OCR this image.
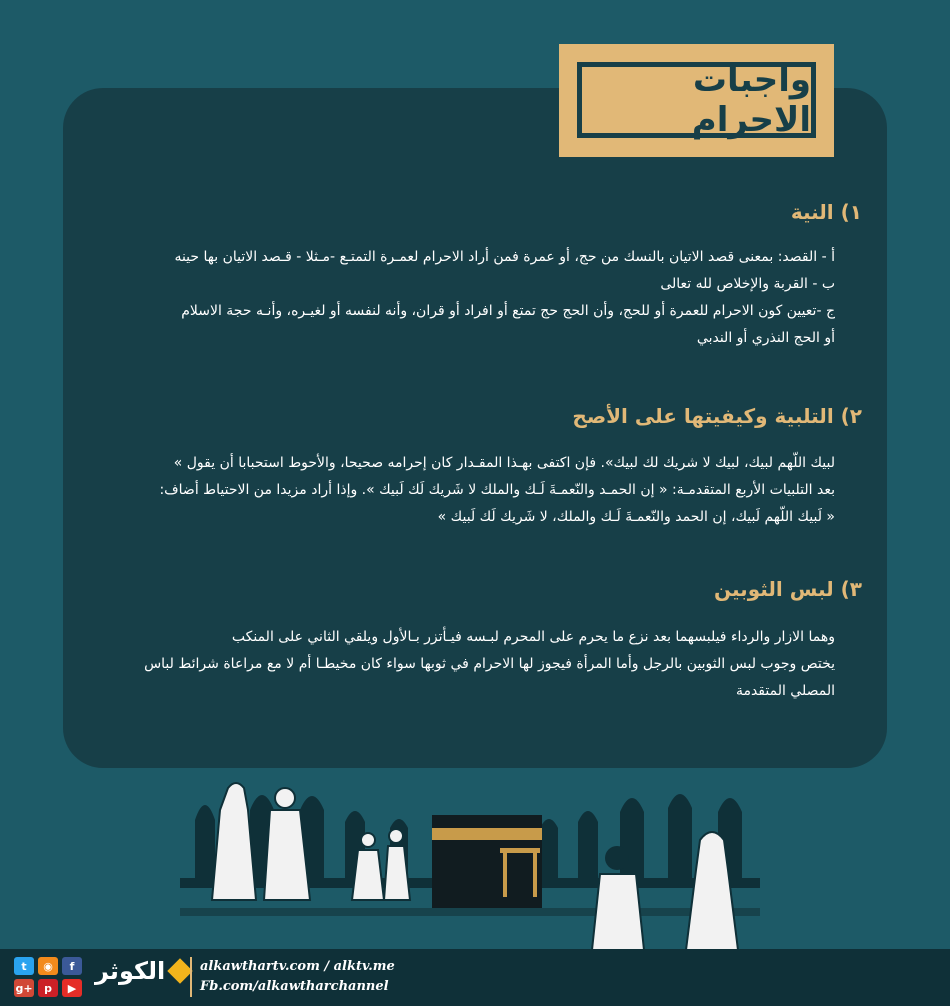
واجبات الاحرام
١) النية
أ - القصد: بمعنى قصد الاتيان بالنسك من حج، أو عمرة فمن أراد الاحرام لعمـرة التمتـع -مـثلا - قـصد الاتيان بها حينه
ب - القربة والإخلاص لله تعالى
ج -تعيين كون الاحرام للعمرة أو للحج، وأن الحج حج تمتع أو افراد أو قران، وأنه لنفسه أو لغيـره، وأنـه حجة الاسلام
أو الحج النذري أو الندبي
٢) التلبية وكيفيتها على الأصح
لبيك اللّهم لبيك، لبيك لا شريك لك لبيك». فإن اكتفى بهـذا المقـدار كان إحرامه صحيحا، والأحوط استحبابا أن يقول »
بعد التلبيات الأربع المتقدمـة: « إن الحمـد والنّعمـةَ لَـك والملك لا شَريك لَك لَبيك ». وإذا أراد مزيدا من الاحتياط أضاف:
« لَبيك اللّهم لَبيك، إن الحمد والنّعمـةَ لَـك والملك، لا شَريك لَك لَبيك »
٣) لبس الثوبين
وهما الازار والرداء فيلبسهما بعد نزع ما يحرم على المحرم لبـسه فيـأتزر بـالأول ويلقي الثاني على المنكب
يختص وجوب لبس الثوبين بالرجل وأما المرأة فيجوز لها الاحرام في ثوبها سواء كان مخيطـا أم لا مع مراعاة شرائط لباس
المصلي المتقدمة
t	◉	f
g+	p	▶
الكوثر	alkawthartv.com / alktv.me
Fb.com/alkawtharchannel
